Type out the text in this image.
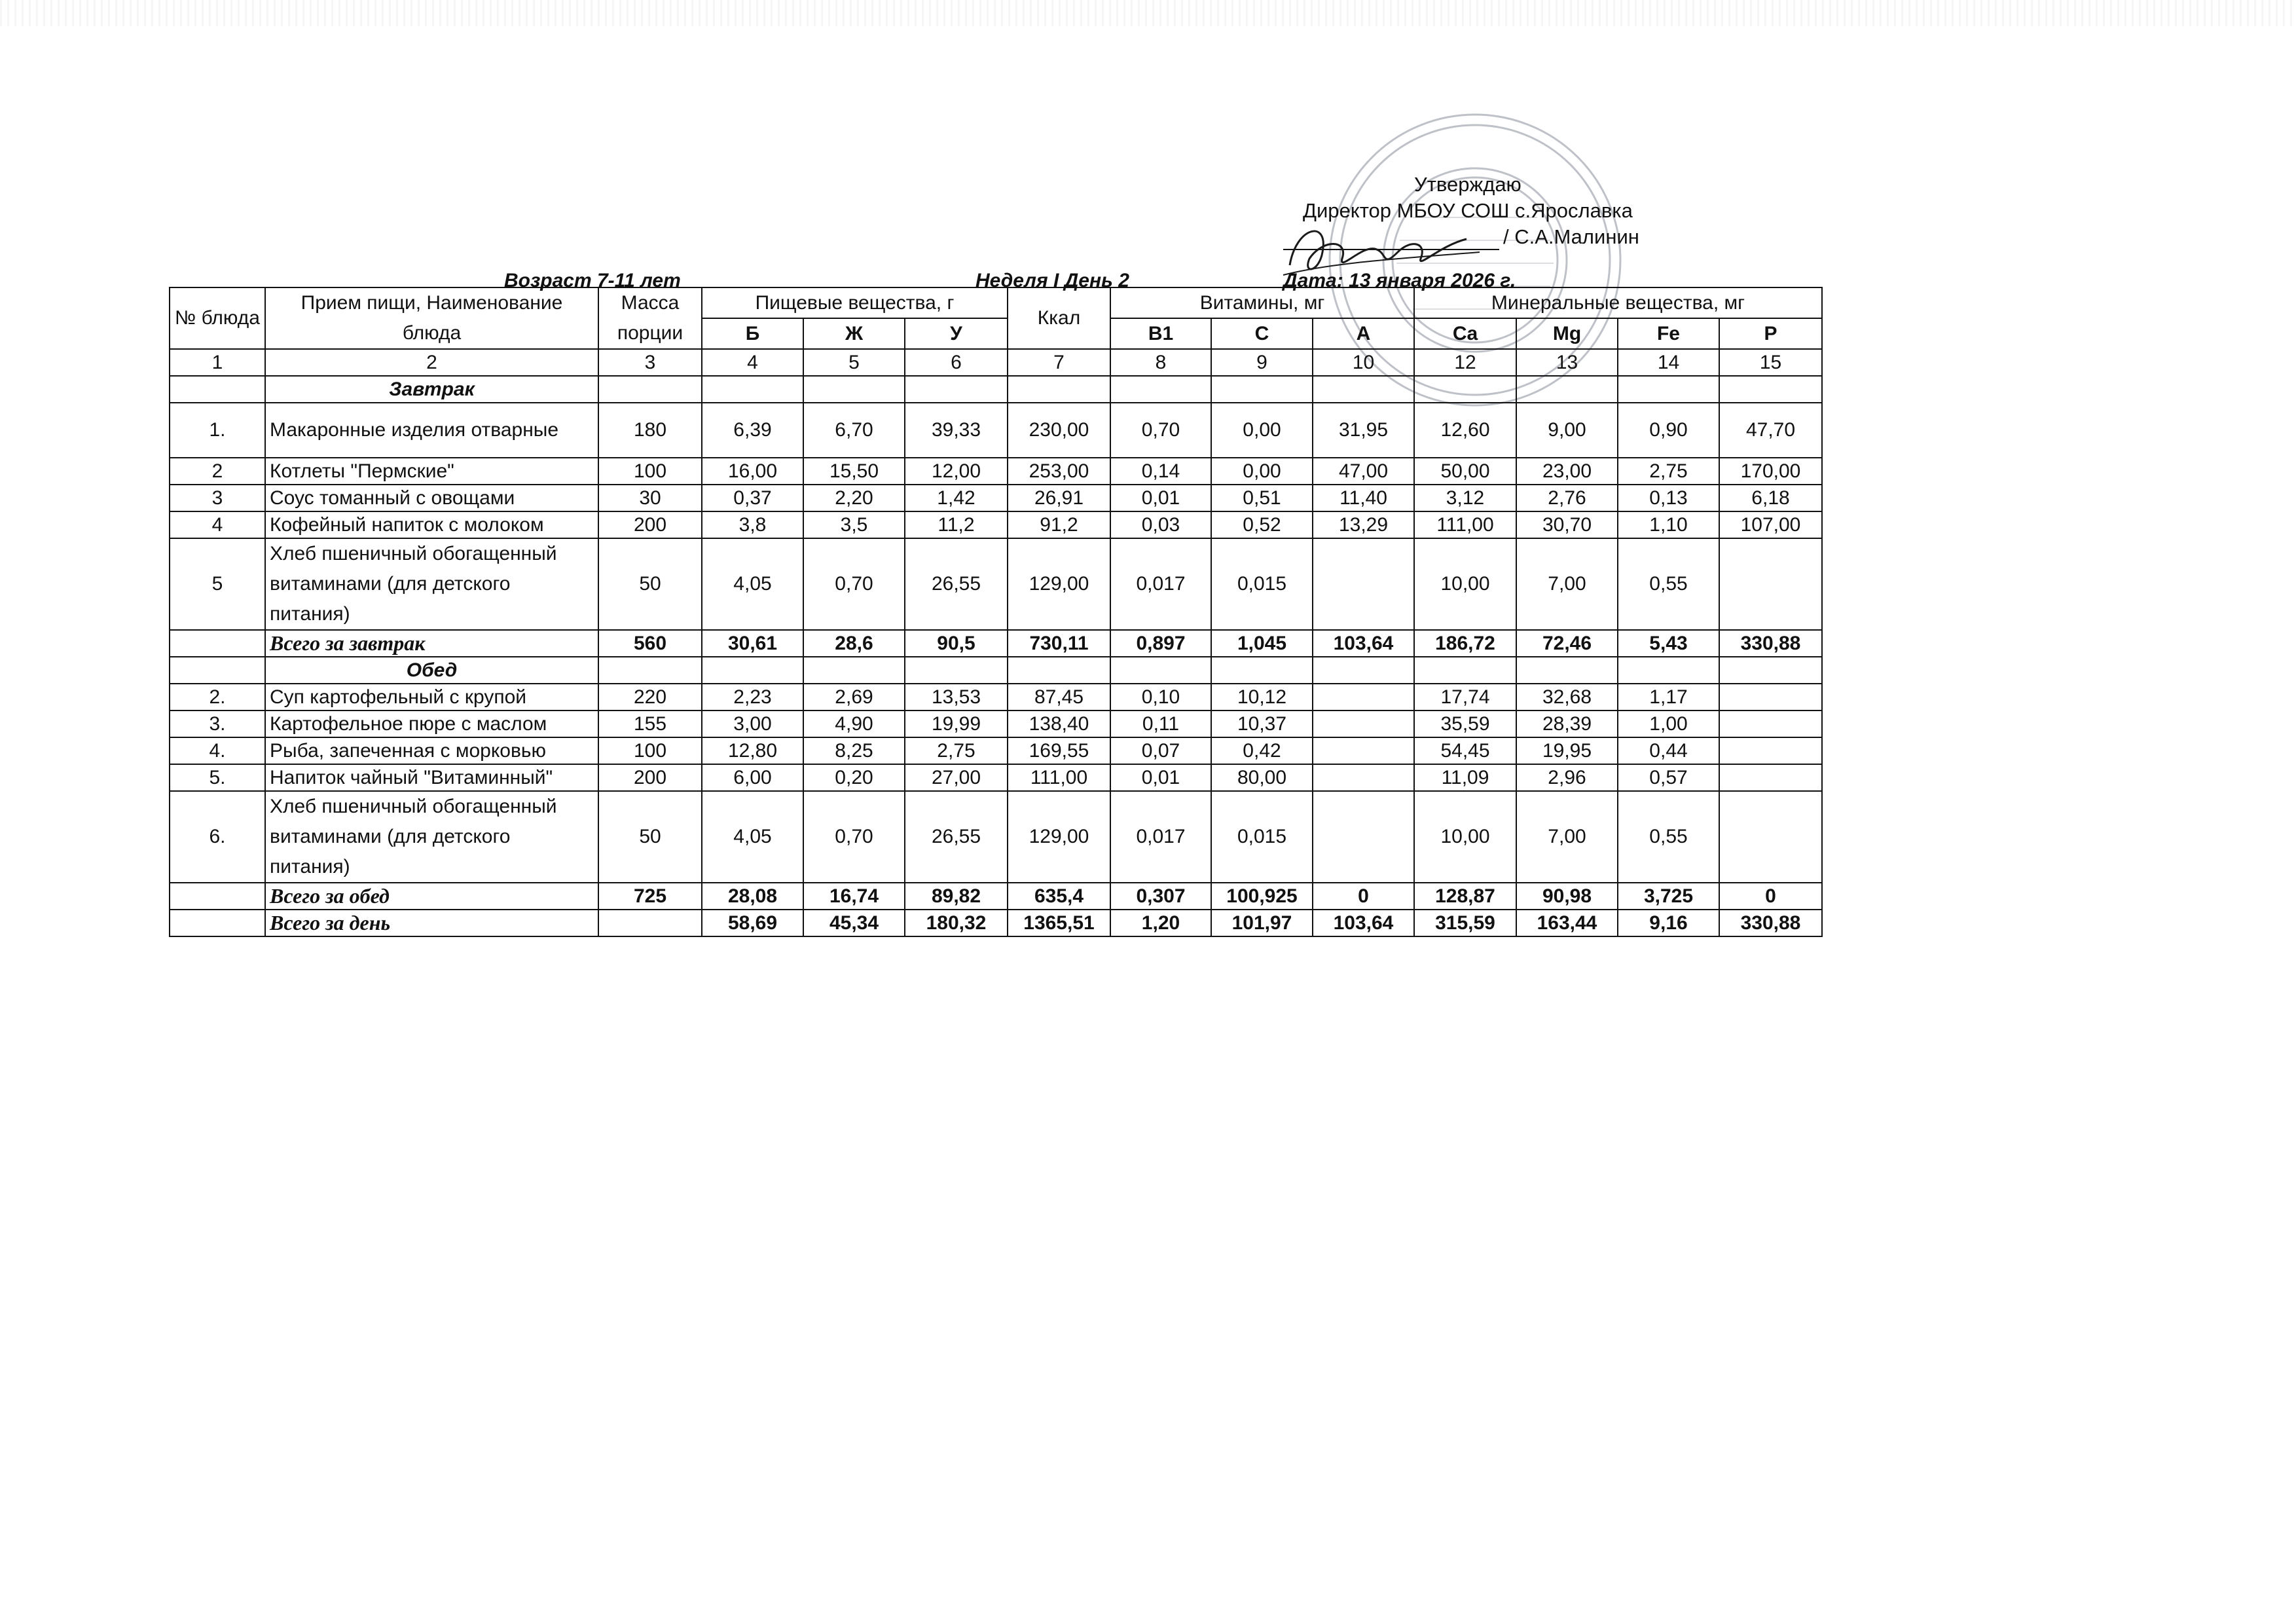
Утверждаю
Директор МБОУ СОШ с.Ярославка
/ С.А.Малинин
Возраст 7-11 лет	Неделя I День 2	Дата: 13 января 2026 г.
№ блюда	Прием пищи, Наименование блюда	Масса порции	Пищевые вещества, г			Ккал	Витамины, мг			Минеральные вещества, мг			
			Б	Ж	У		B1	C	A	Ca	Mg	Fe	P
1	2	3	4	5	6	7	8	9	10	12	13	14	15
	Завтрак												
1.	Макаронные изделия отварные	180	6,39	6,70	39,33	230,00	0,70	0,00	31,95	12,60	9,00	0,90	47,70
2	Котлеты "Пермские"	100	16,00	15,50	12,00	253,00	0,14	0,00	47,00	50,00	23,00	2,75	170,00
3	Соус томанный с овощами	30	0,37	2,20	1,42	26,91	0,01	0,51	11,40	3,12	2,76	0,13	6,18
4	Кофейный напиток с молоком	200	3,8	3,5	11,2	91,2	0,03	0,52	13,29	111,00	30,70	1,10	107,00
5	Хлеб пшеничный обогащенный витаминами (для детского питания)	50	4,05	0,70	26,55	129,00	0,017	0,015		10,00	7,00	0,55	
	Всего за завтрак	560	30,61	28,6	90,5	730,11	0,897	1,045	103,64	186,72	72,46	5,43	330,88
	Обед												
2.	Суп картофельный с крупой	220	2,23	2,69	13,53	87,45	0,10	10,12		17,74	32,68	1,17	
3.	Картофельное пюре с маслом	155	3,00	4,90	19,99	138,40	0,11	10,37		35,59	28,39	1,00	
4.	Рыба, запеченная с морковью	100	12,80	8,25	2,75	169,55	0,07	0,42		54,45	19,95	0,44	
5.	Напиток чайный "Витаминный"	200	6,00	0,20	27,00	111,00	0,01	80,00		11,09	2,96	0,57	
6.	Хлеб пшеничный обогащенный витаминами (для детского питания)	50	4,05	0,70	26,55	129,00	0,017	0,015		10,00	7,00	0,55	
	Всего за обед	725	28,08	16,74	89,82	635,4	0,307	100,925	0	128,87	90,98	3,725	0
	Всего за день		58,69	45,34	180,32	1365,51	1,20	101,97	103,64	315,59	163,44	9,16	330,88
